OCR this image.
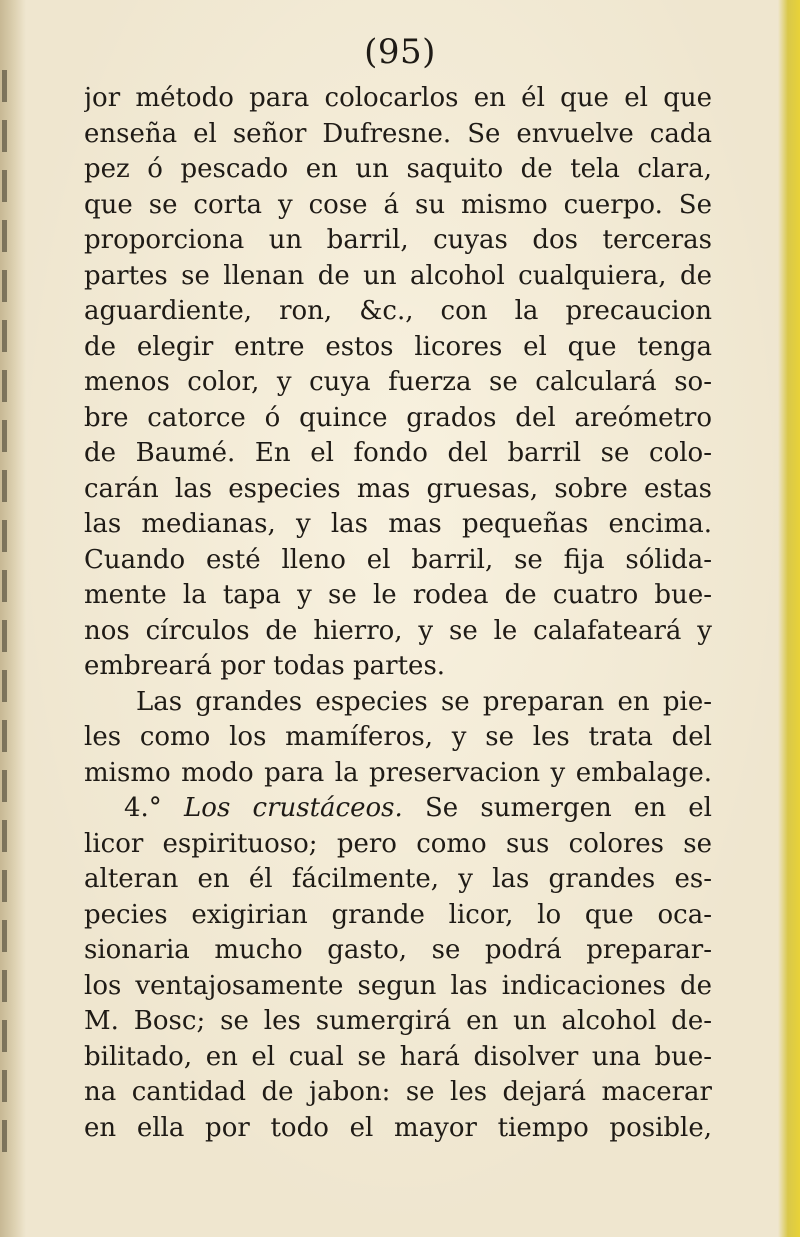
(95)
jor método para colocarlos en él que el que
enseña el señor Dufresne. Se envuelve cada
pez ó pescado en un saquito de tela clara,
que se corta y cose á su mismo cuerpo. Se
proporciona un barril, cuyas dos terceras
partes se llenan de un alcohol cualquiera, de
aguardiente, ron, &c., con la precaucion
de elegir entre estos licores el que tenga
menos color, y cuya fuerza se calculará so-
bre catorce ó quince grados del areómetro
de Baumé. En el fondo del barril se colo-
carán las especies mas gruesas, sobre estas
las medianas, y las mas pequeñas encima.
Cuando esté lleno el barril, se fija sólida-
mente la tapa y se le rodea de cuatro bue-
nos círculos de hierro, y se le calafateará y
embreará por todas partes.
Las grandes especies se preparan en pie-
les como los mamíferos, y se les trata del
mismo modo para la preservacion y embalage.
4.° Los crustáceos. Se sumergen en el
licor espirituoso; pero como sus colores se
alteran en él fácilmente, y las grandes es-
pecies exigirian grande licor, lo que oca-
sionaria mucho gasto, se podrá preparar-
los ventajosamente segun las indicaciones de
M. Bosc; se les sumergirá en un alcohol de-
bilitado, en el cual se hará disolver una bue-
na cantidad de jabon: se les dejará macerar
en ella por todo el mayor tiempo posible,
